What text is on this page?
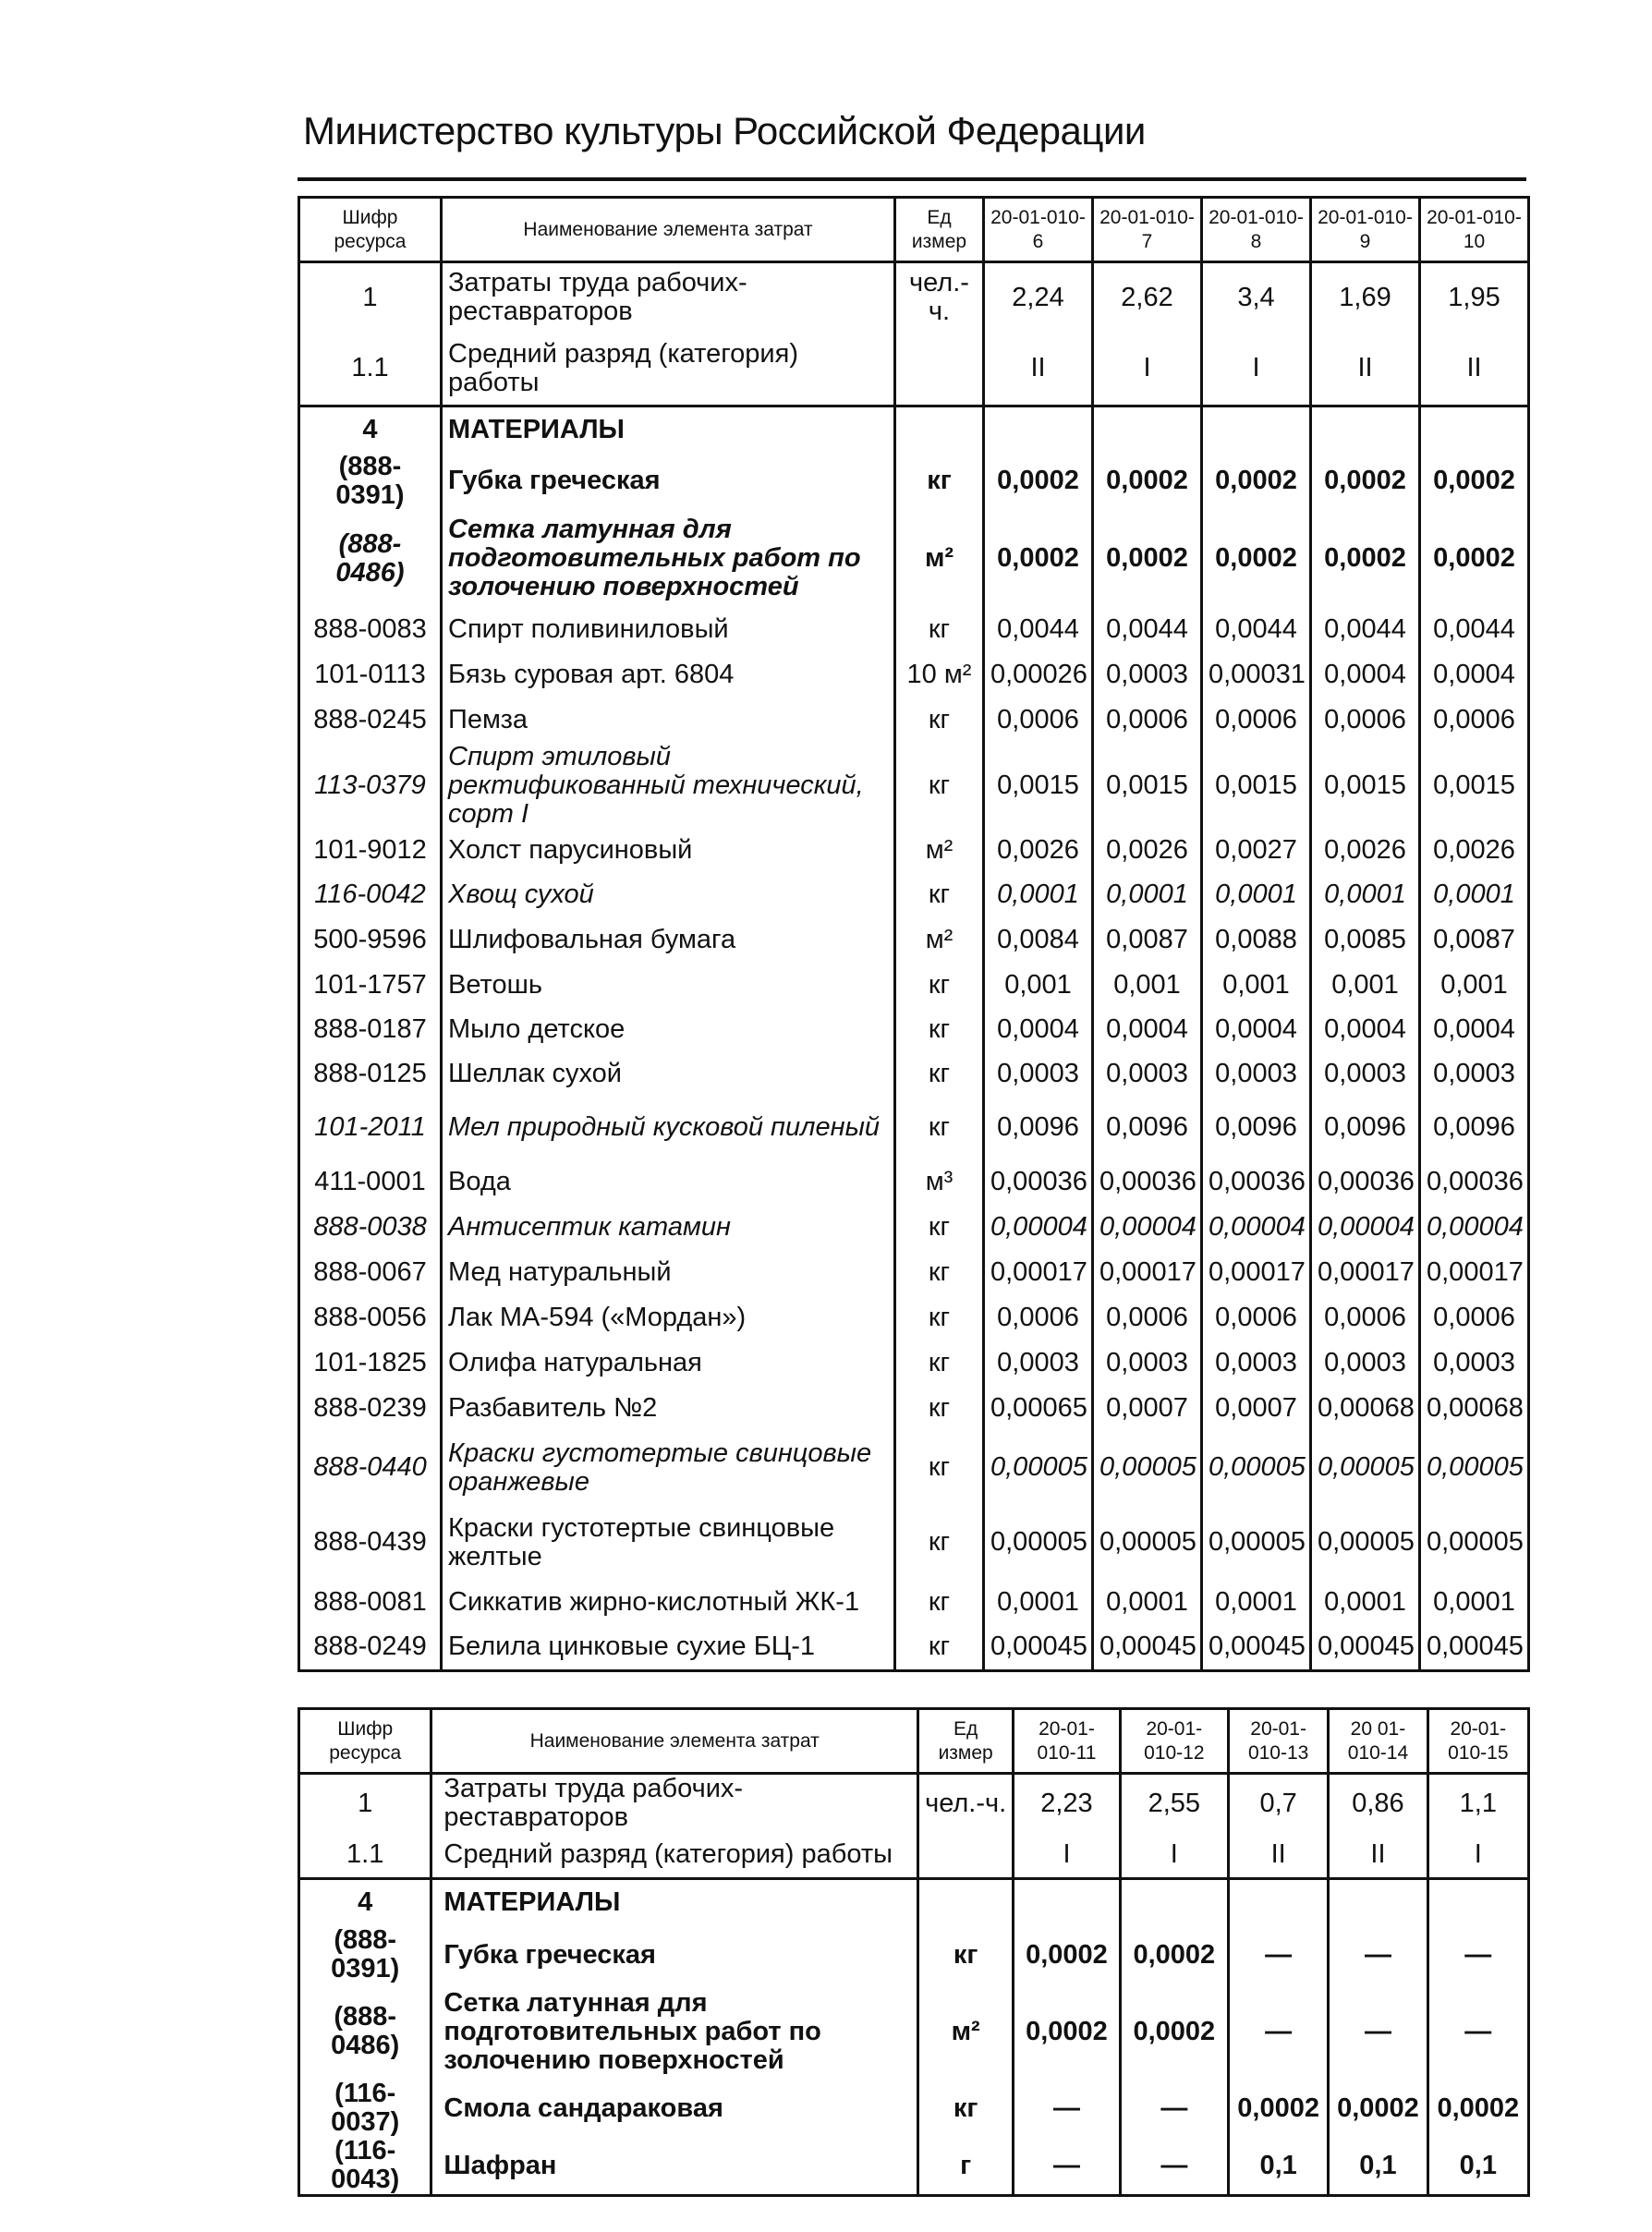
Министерство культуры Российской Федерации
Шифр ресурса	Наименование элемента затрат	Ед измер	20-01-010-6	20-01-010-7	20-01-010-8	20-01-010-9	20-01-010-10
1	Затраты труда рабочих-реставраторов	чел.-ч.	2,24	2,62	3,4	1,69	1,95
1.1	Средний разряд (категория) работы		II	I	I	II	II
4	МАТЕРИАЛЫ						
(888-0391)	Губка греческая	кг	0,0002	0,0002	0,0002	0,0002	0,0002
(888-0486)	Сетка латунная для подготовительных работ по золочению поверхностей	м²	0,0002	0,0002	0,0002	0,0002	0,0002
888-0083	Спирт поливиниловый	кг	0,0044	0,0044	0,0044	0,0044	0,0044
101-0113	Бязь суровая арт. 6804	10 м²	0,00026	0,0003	0,00031	0,0004	0,0004
888-0245	Пемза	кг	0,0006	0,0006	0,0006	0,0006	0,0006
113-0379	Спирт этиловый ректификованный технический, сорт I	кг	0,0015	0,0015	0,0015	0,0015	0,0015
101-9012	Холст парусиновый	м²	0,0026	0,0026	0,0027	0,0026	0,0026
116-0042	Хвощ сухой	кг	0,0001	0,0001	0,0001	0,0001	0,0001
500-9596	Шлифовальная бумага	м²	0,0084	0,0087	0,0088	0,0085	0,0087
101-1757	Ветошь	кг	0,001	0,001	0,001	0,001	0,001
888-0187	Мыло детское	кг	0,0004	0,0004	0,0004	0,0004	0,0004
888-0125	Шеллак сухой	кг	0,0003	0,0003	0,0003	0,0003	0,0003
101-2011	Мел природный кусковой пиленый	кг	0,0096	0,0096	0,0096	0,0096	0,0096
411-0001	Вода	м³	0,00036	0,00036	0,00036	0,00036	0,00036
888-0038	Антисептик катамин	кг	0,00004	0,00004	0,00004	0,00004	0,00004
888-0067	Мед натуральный	кг	0,00017	0,00017	0,00017	0,00017	0,00017
888-0056	Лак МА-594 («Мордан»)	кг	0,0006	0,0006	0,0006	0,0006	0,0006
101-1825	Олифа натуральная	кг	0,0003	0,0003	0,0003	0,0003	0,0003
888-0239	Разбавитель №2	кг	0,00065	0,0007	0,0007	0,00068	0,00068
888-0440	Краски густотертые свинцовые оранжевые	кг	0,00005	0,00005	0,00005	0,00005	0,00005
888-0439	Краски густотертые свинцовые желтые	кг	0,00005	0,00005	0,00005	0,00005	0,00005
888-0081	Сиккатив жирно-кислотный ЖК-1	кг	0,0001	0,0001	0,0001	0,0001	0,0001
888-0249	Белила цинковые сухие БЦ-1	кг	0,00045	0,00045	0,00045	0,00045	0,00045
Шифр ресурса	Наименование элемента затрат	Ед измер	20-01-010-11	20-01-010-12	20-01-010-13	20 01-010-14	20-01-010-15
1	Затраты труда рабочих-реставраторов	чел.-ч.	2,23	2,55	0,7	0,86	1,1
1.1	Средний разряд (категория) работы		I	I	II	II	I
4	МАТЕРИАЛЫ						
(888-0391)	Губка греческая	кг	0,0002	0,0002	—	—	—
(888-0486)	Сетка латунная для подготовительных работ по золочению поверхностей	м²	0,0002	0,0002	—	—	—
(116-0037)	Смола сандараковая	кг	—	—	0,0002	0,0002	0,0002
(116-0043)	Шафран	г	—	—	0,1	0,1	0,1
